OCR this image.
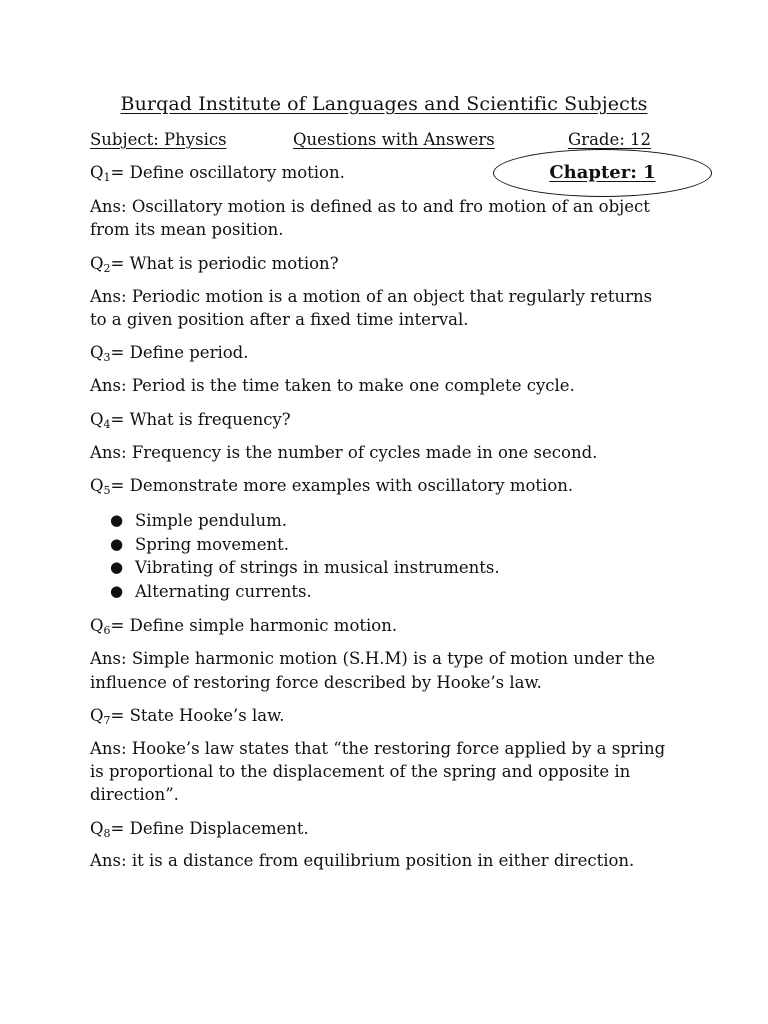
Burqad Institute of Languages and Scientific Subjects
Subject: Physics	Questions with Answers	Grade: 12
Chapter: 1
$Q_1=$ Define oscillatory motion.
Ans: Oscillatory motion is defined as to and fro motion of an object
from its mean position.
$Q_2=$ What is periodic motion?
Ans: Periodic motion is a motion of an object that regularly returns
to a given position after a fixed time interval.
$Q_3=$ Define period.
Ans: Period is the time taken to make one complete cycle.
$Q_4=$ What is frequency?
Ans: Frequency is the number of cycles made in one second.
$Q_5=$ Demonstrate more examples with oscillatory motion.
● Simple pendulum.
● Spring movement.
● Vibrating of strings in musical instruments.
● Alternating currents.
$Q_6=$ Define simple harmonic motion.
Ans: Simple harmonic motion (S.H.M) is a type of motion under the
influence of restoring force described by Hooke’s law.
$Q_7=$ State Hooke’s law.
Ans: Hooke’s law states that “the restoring force applied by a spring
is proportional to the displacement of the spring and opposite in
direction”.
$Q_8=$ Define Displacement.
Ans: it is a distance from equilibrium position in either direction.
